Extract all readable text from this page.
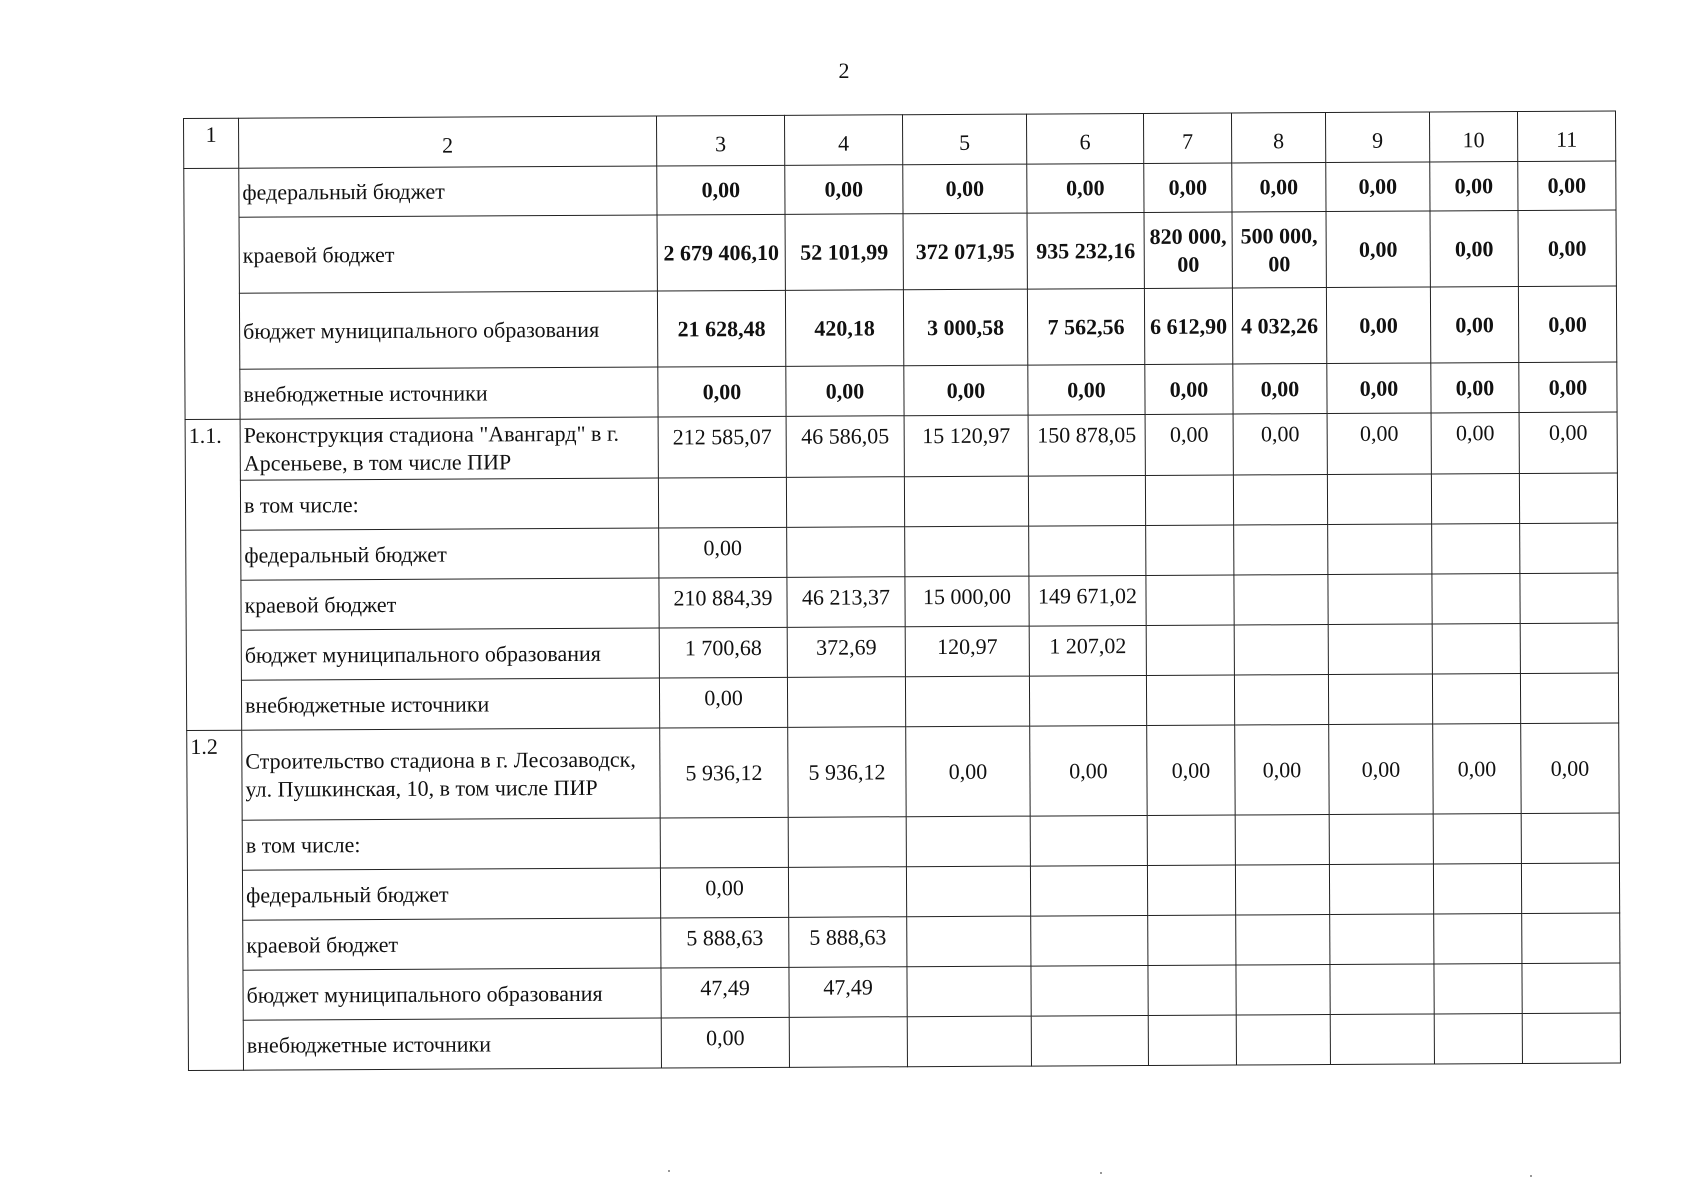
2
1	2	3	4	5	6	7	8	9	10	11
	федеральный бюджет	0,00	0,00	0,00	0,00	0,00	0,00	0,00	0,00	0,00
	краевой бюджет	2 679 406,10	52 101,99	372 071,95	935 232,16	820 000,00	500 000,00	0,00	0,00	0,00
	бюджет муниципального образования	21 628,48	420,18	3 000,58	7 562,56	6 612,90	4 032,26	0,00	0,00	0,00
	внебюджетные источники	0,00	0,00	0,00	0,00	0,00	0,00	0,00	0,00	0,00
1.1.	Реконструкция стадиона "Авангард" в г. Арсеньеве, в том числе ПИР	212 585,07	46 586,05	15 120,97	150 878,05	0,00	0,00	0,00	0,00	0,00
	в том числе:									
	федеральный бюджет	0,00								
	краевой бюджет	210 884,39	46 213,37	15 000,00	149 671,02					
	бюджет муниципального образования	1 700,68	372,69	120,97	1 207,02					
	внебюджетные источники	0,00								
1.2	Строительство стадиона в г. Лесозаводск, ул. Пушкинская, 10, в том числе ПИР	5 936,12	5 936,12	0,00	0,00	0,00	0,00	0,00	0,00	0,00
	в том числе:									
	федеральный бюджет	0,00								
	краевой бюджет	5 888,63	5 888,63							
	бюджет муниципального образования	47,49	47,49							
	внебюджетные источники	0,00								
